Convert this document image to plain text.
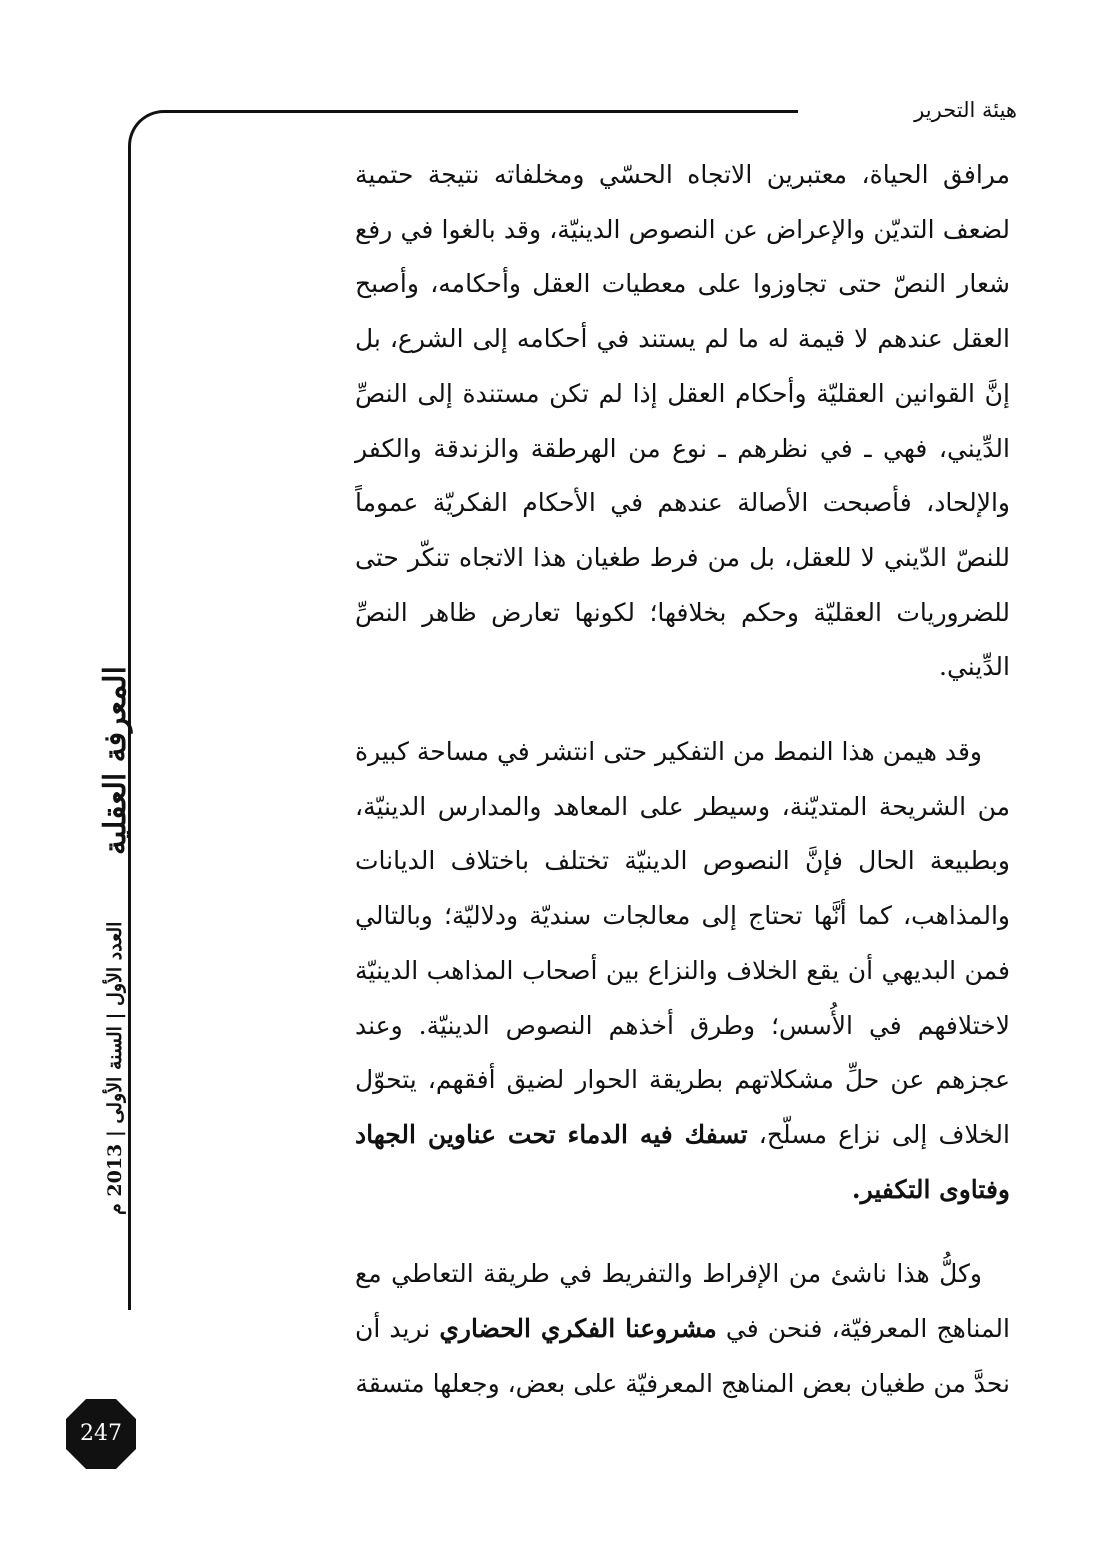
هيئة التحرير

مرافق الحياة، معتبرين الاتجاه الحسّي ومخلفاته نتيجة حتمية لضعف التديّن والإعراض عن النصوص الدينيّة، وقد بالغوا في رفع شعار النصّ حتى تجاوزوا على معطيات العقل وأحكامه، وأصبح العقل عندهم لا قيمة له ما لم يستند في أحكامه إلى الشرع، بل إنَّ القوانين العقليّة وأحكام العقل إذا لم تكن مستندة إلى النصِّ الدِّيني، فهي ـ في نظرهم ـ نوع من الهرطقة والزندقة والكفر والإلحاد، فأصبحت الأصالة عندهم في الأحكام الفكريّة عموماً للنصّ الدّيني لا للعقل، بل من فرط طغيان هذا الاتجاه تنكّر حتى للضروريات العقليّة وحكم بخلافها؛ لكونها تعارض ظاهر النصِّ الدِّيني.

وقد هيمن هذا النمط من التفكير حتى انتشر في مساحة كبيرة من الشريحة المتديّنة، وسيطر على المعاهد والمدارس الدينيّة، وبطبيعة الحال فإنَّ النصوص الدينيّة تختلف باختلاف الديانات والمذاهب، كما أنَّها تحتاج إلى معالجات سنديّة ودلاليّة؛ وبالتالي فمن البديهي أن يقع الخلاف والنزاع بين أصحاب المذاهب الدينيّة لاختلافهم في الأُسس؛ وطرق أخذهم النصوص الدينيّة. وعند عجزهم عن حلِّ مشكلاتهم بطريقة الحوار لضيق أفقهم، يتحوّل الخلاف إلى نزاع مسلّح، تسفك فيه الدماء تحت عناوين الجهاد وفتاوى التكفير.

وكلُّ هذا ناشئ من الإفراط والتفريط في طريقة التعاطي مع المناهج المعرفيّة، فنحن في مشروعنا الفكري الحضاري نريد أن نحدَّ من طغيان بعض المناهج المعرفيّة على بعض، وجعلها متسقة

المعرفة العقلية
العدد الأول | السنة الأولى | 2013 م
247
